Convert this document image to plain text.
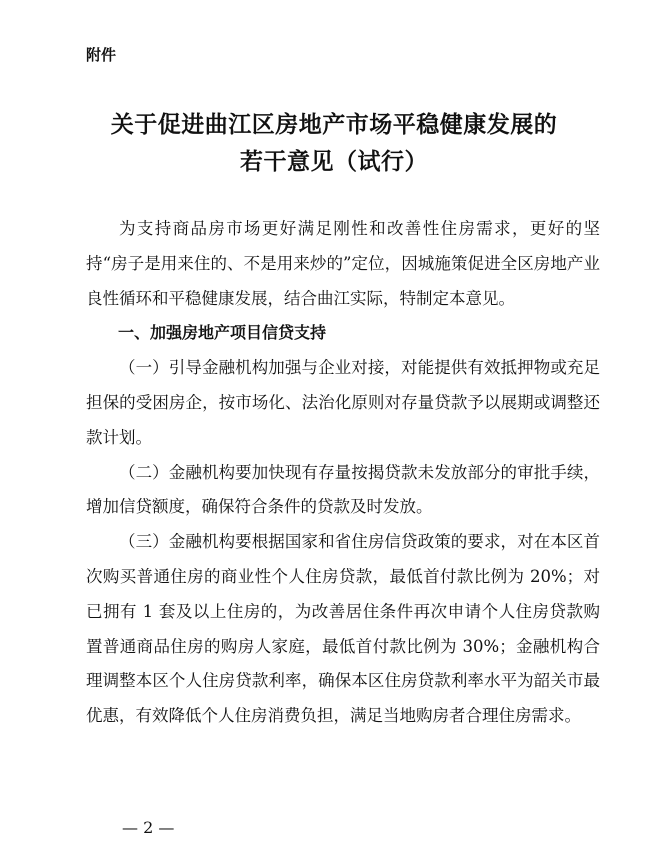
附件
关于促进曲江区房地产市场平稳健康发展的
若干意见（试行）

为支持商品房市场更好满足刚性和改善性住房需求，更好的坚持“房子是用来住的、不是用来炒的”定位，因城施策促进全区房地产业良性循环和平稳健康发展，结合曲江实际，特制定本意见。

一、加强房地产项目信贷支持

（一）引导金融机构加强与企业对接，对能提供有效抵押物或充足担保的受困房企，按市场化、法治化原则对存量贷款予以展期或调整还款计划。

（二）金融机构要加快现有存量按揭贷款未发放部分的审批手续，增加信贷额度，确保符合条件的贷款及时发放。

（三）金融机构要根据国家和省住房信贷政策的要求，对在本区首次购买普通住房的商业性个人住房贷款，最低首付款比例为 20%；对已拥有 1 套及以上住房的，为改善居住条件再次申请个人住房贷款购置普通商品住房的购房人家庭，最低首付款比例为 30%；金融机构合理调整本区个人住房贷款利率，确保本区住房贷款利率水平为韶关市最优惠，有效降低个人住房消费负担，满足当地购房者合理住房需求。

— 2 —
